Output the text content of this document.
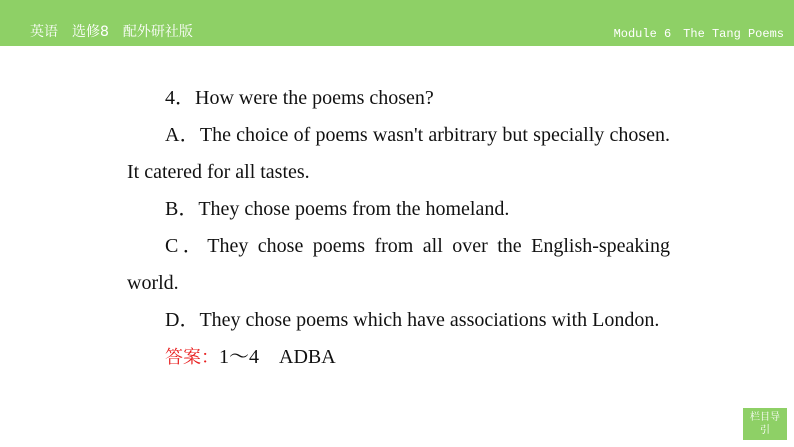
英语　选修8　配外研社版	Module 6　The Tang Poems

4．How were the poems chosen?

A．The choice of poems wasn't arbitrary but specially chosen. It catered for all tastes.

B．They chose poems from the homeland.

C．They chose poems from all over the English-speaking world.

D．They chose poems which have associations with London.

答案：1～4　ADBA

栏目导引
